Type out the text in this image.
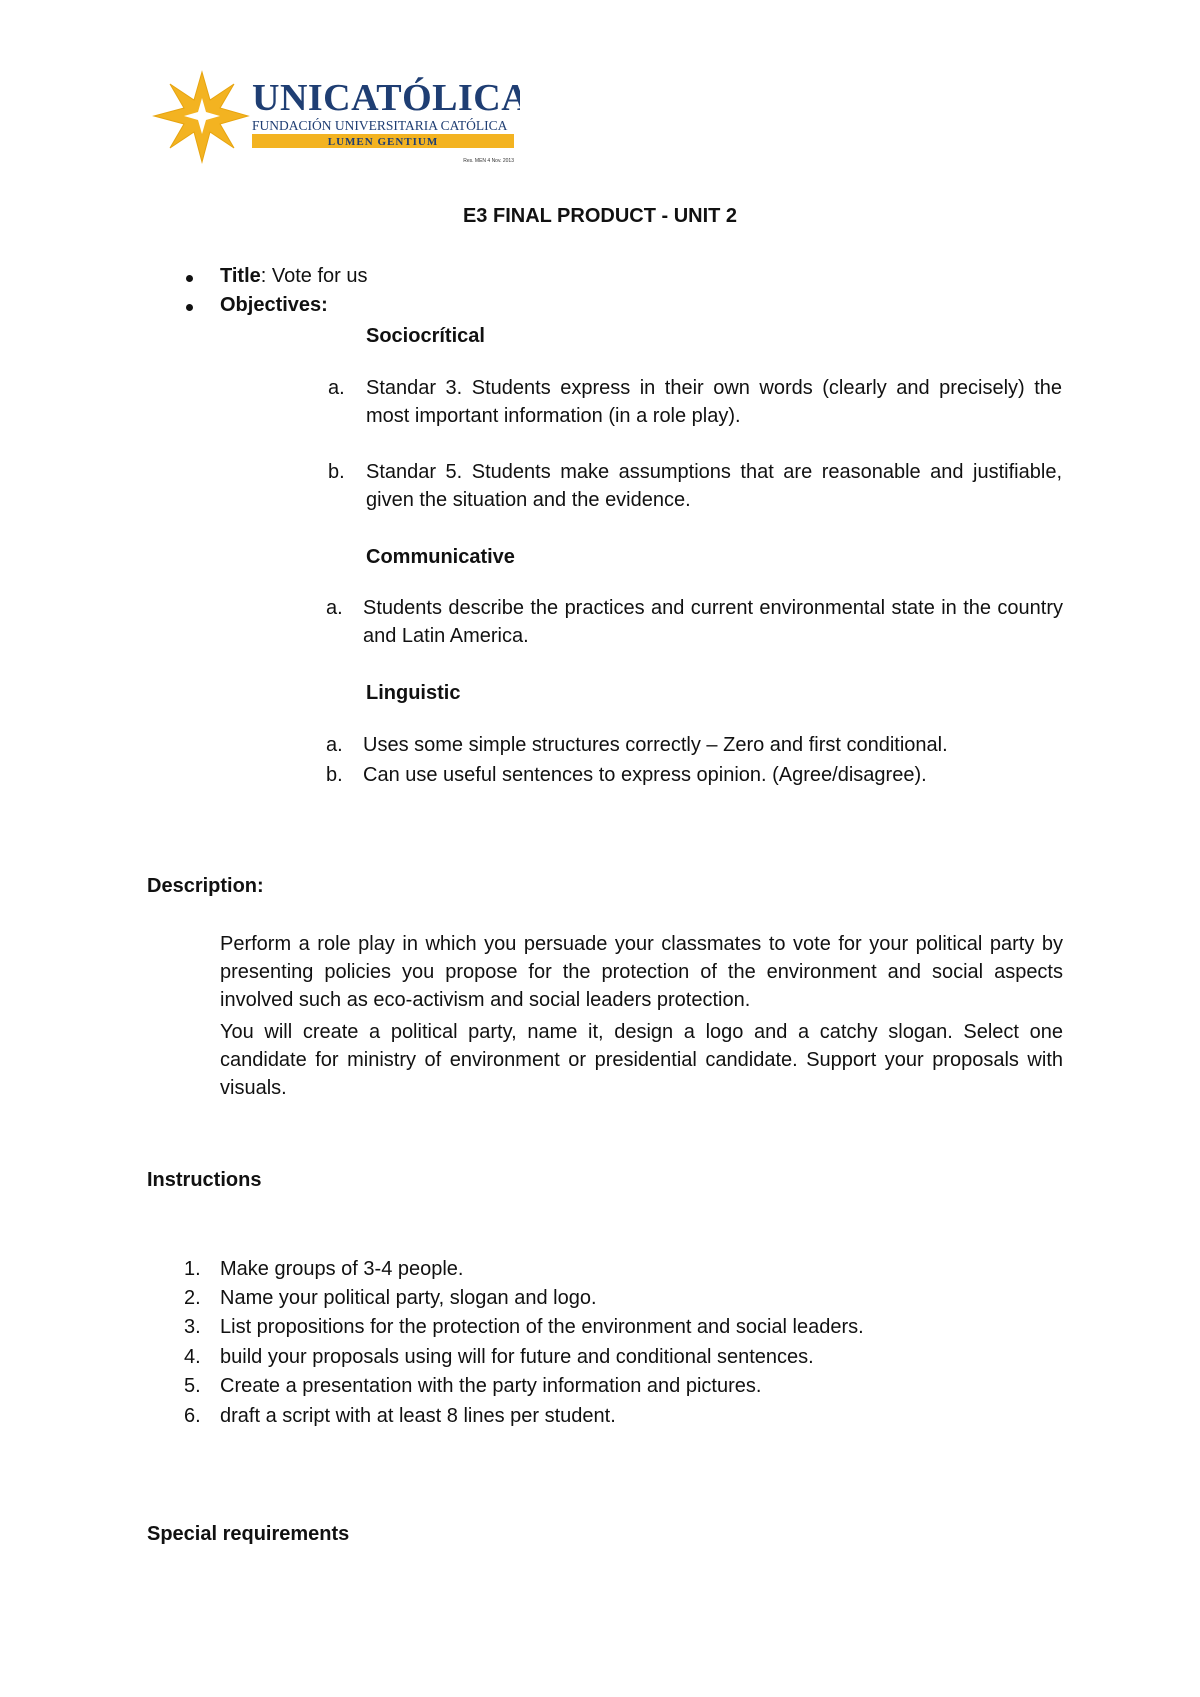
UNICATÓLICA
FUNDACIÓN UNIVERSITARIA CATÓLICA
LUMEN GENTIUM
Res. MEN 4 Nov. 2013
E3 FINAL PRODUCT - UNIT 2
Title: Vote for us
Objectives:
Sociocrítical
a. Standar 3. Students express in their own words (clearly and precisely) the most important information (in a role play).
b. Standar 5. Students make assumptions that are reasonable and justifiable, given the situation and the evidence.
Communicative
a. Students describe the practices and current environmental state in the country and Latin America.
Linguistic
a. Uses some simple structures correctly – Zero and first conditional.
b. Can use useful sentences to express opinion. (Agree/disagree).
Description:
Perform a role play in which you persuade your classmates to vote for your political party by presenting policies you propose for the protection of the environment and social aspects involved such as eco-activism and social leaders protection.
You will create a political party, name it, design a logo and a catchy slogan. Select one candidate for ministry of environment or presidential candidate. Support your proposals with visuals.
Instructions
1. Make groups of 3-4 people.
2. Name your political party, slogan and logo.
3. List propositions for the protection of the environment and social leaders.
4. build your proposals using will for future and conditional sentences.
5. Create a presentation with the party information and pictures.
6. draft a script with at least 8 lines per student.
Special requirements
